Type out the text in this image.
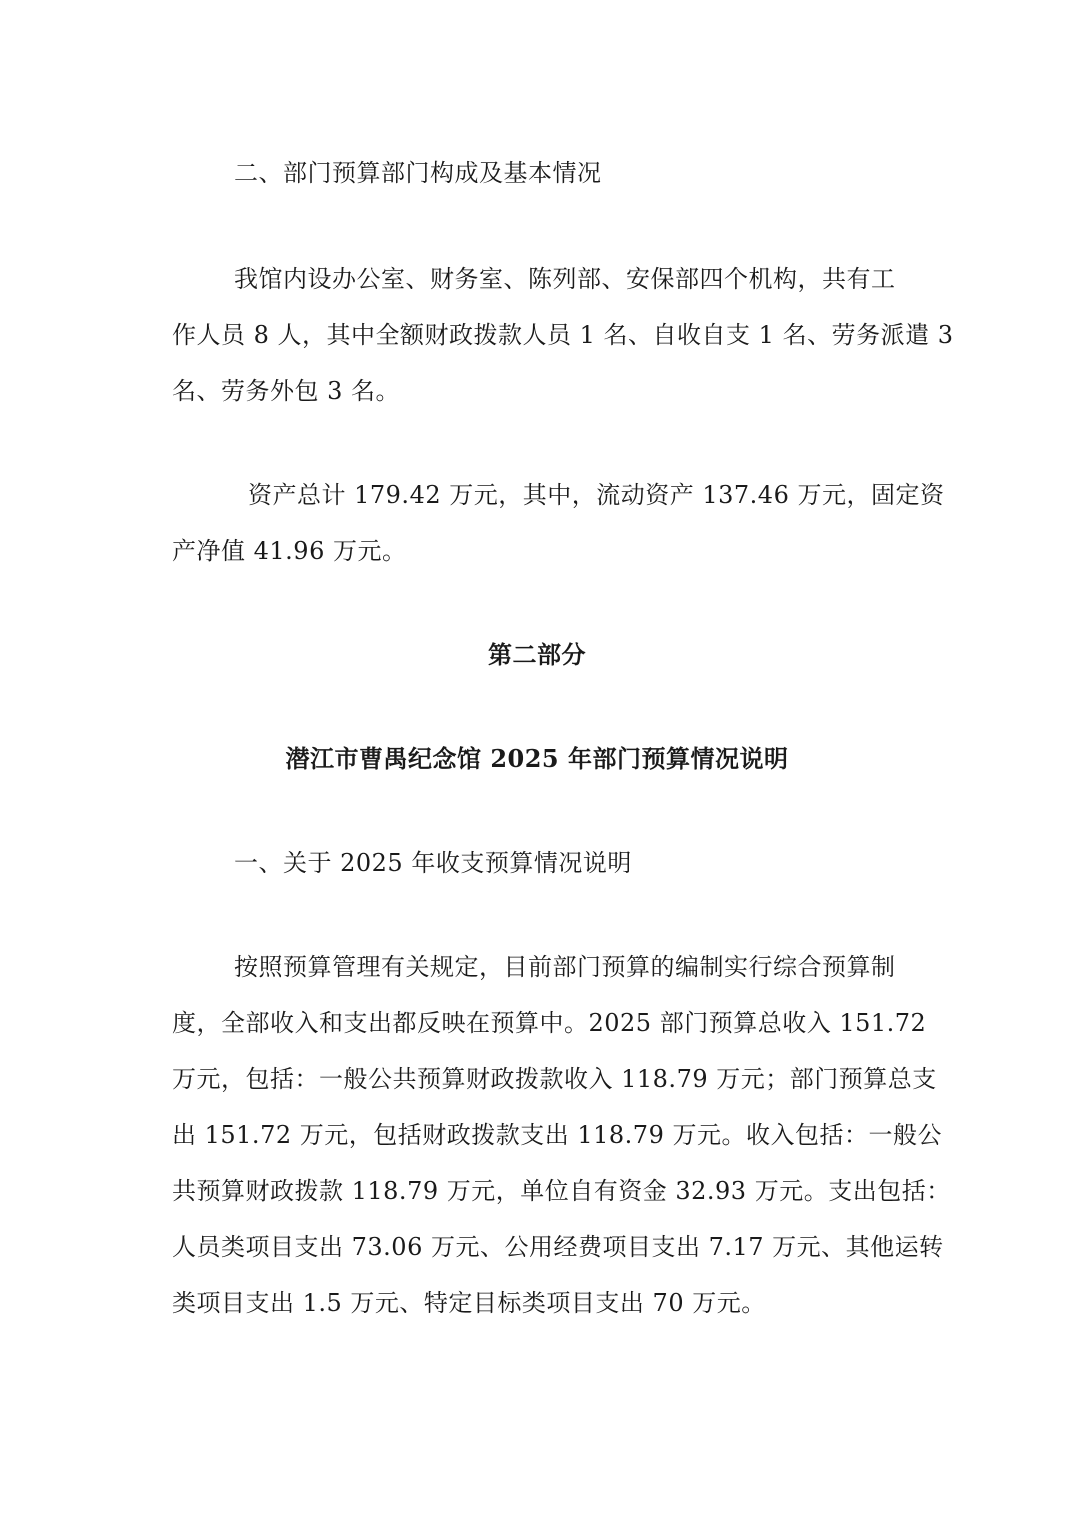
二、部门预算部门构成及基本情况
我馆内设办公室、财务室、陈列部、安保部四个机构，共有工
作人员 8 人，其中全额财政拨款人员 1 名、自收自支 1 名、劳务派遣 3
名、劳务外包 3 名。
资产总计 179.42 万元，其中，流动资产 137.46 万元，固定资
产净值 41.96 万元。
第二部分
潜江市曹禺纪念馆 2025 年部门预算情况说明
一、关于 2025 年收支预算情况说明
按照预算管理有关规定，目前部门预算的编制实行综合预算制
度，全部收入和支出都反映在预算中。2025 部门预算总收入 151.72
万元，包括：一般公共预算财政拨款收入 118.79 万元；部门预算总支
出 151.72 万元，包括财政拨款支出 118.79 万元。收入包括：一般公
共预算财政拨款 118.79 万元，单位自有资金 32.93 万元。支出包括：
人员类项目支出 73.06 万元、公用经费项目支出 7.17 万元、其他运转
类项目支出 1.5 万元、特定目标类项目支出 70 万元。
